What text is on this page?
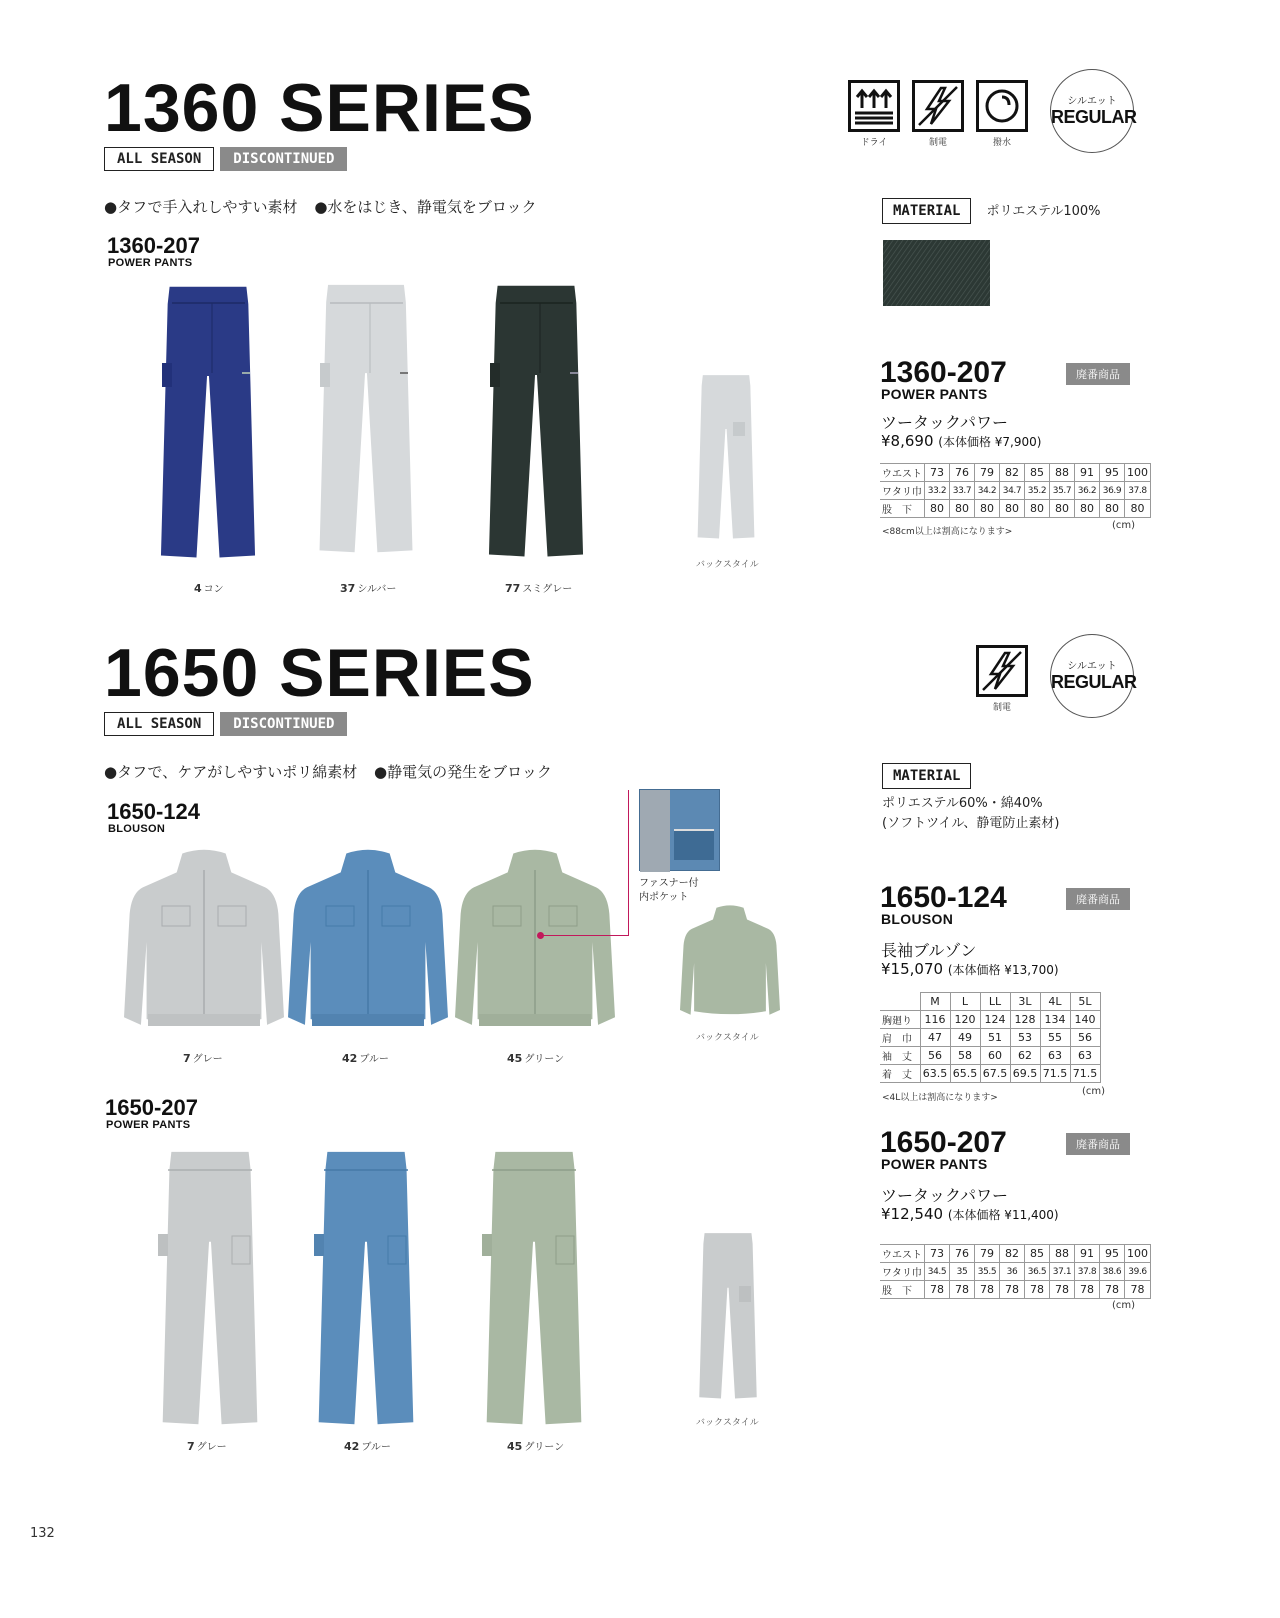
1360 SERIES
ALL SEASON DISCONTINUED
●タフで手入れしやすい素材 ●水をはじき、静電気をブロック
ドライ	制電	撥水
シルエット
REGULAR
MATERIAL ポリエステル100%
1360-207
POWER PANTS
4 コン	37 シルバー	77 スミグレー
バックスタイル
1360-207	廃番商品
POWER PANTS
ツータックパワー
¥8,690 (本体価格 ¥7,900)
ウエスト	73	76	79	82	85	88	91	95	100
ワタリ巾	33.2	33.7	34.2	34.7	35.2	35.7	36.2	36.9	37.8
股　下	80	80	80	80	80	80	80	80	80
<88cm以上は割高になります>
(cm)
1650 SERIES
ALL SEASON DISCONTINUED
●タフで、ケアがしやすいポリ綿素材 ●静電気の発生をブロック
制電
シルエット
REGULAR
MATERIAL
ポリエステル60%・綿40%
(ソフトツイル、静電防止素材)
1650-124
BLOUSON
ファスナー付
内ポケット
7 グレー	42 ブルー	45 グリーン
バックスタイル
1650-124	廃番商品
BLOUSON
長袖ブルゾン
¥15,070 (本体価格 ¥13,700)
	M	L	LL	3L	4L	5L
胸廻り	116	120	124	128	134	140
肩　巾	47	49	51	53	55	56
袖　丈	56	58	60	62	63	63
着　丈	63.5	65.5	67.5	69.5	71.5	71.5
<4L以上は割高になります>
(cm)
1650-207
POWER PANTS
7 グレー	42 ブルー	45 グリーン
バックスタイル
1650-207	廃番商品
POWER PANTS
ツータックパワー
¥12,540 (本体価格 ¥11,400)
ウエスト	73	76	79	82	85	88	91	95	100
ワタリ巾	34.5	35	35.5	36	36.5	37.1	37.8	38.6	39.6
股　下	78	78	78	78	78	78	78	78	78
(cm)
132
